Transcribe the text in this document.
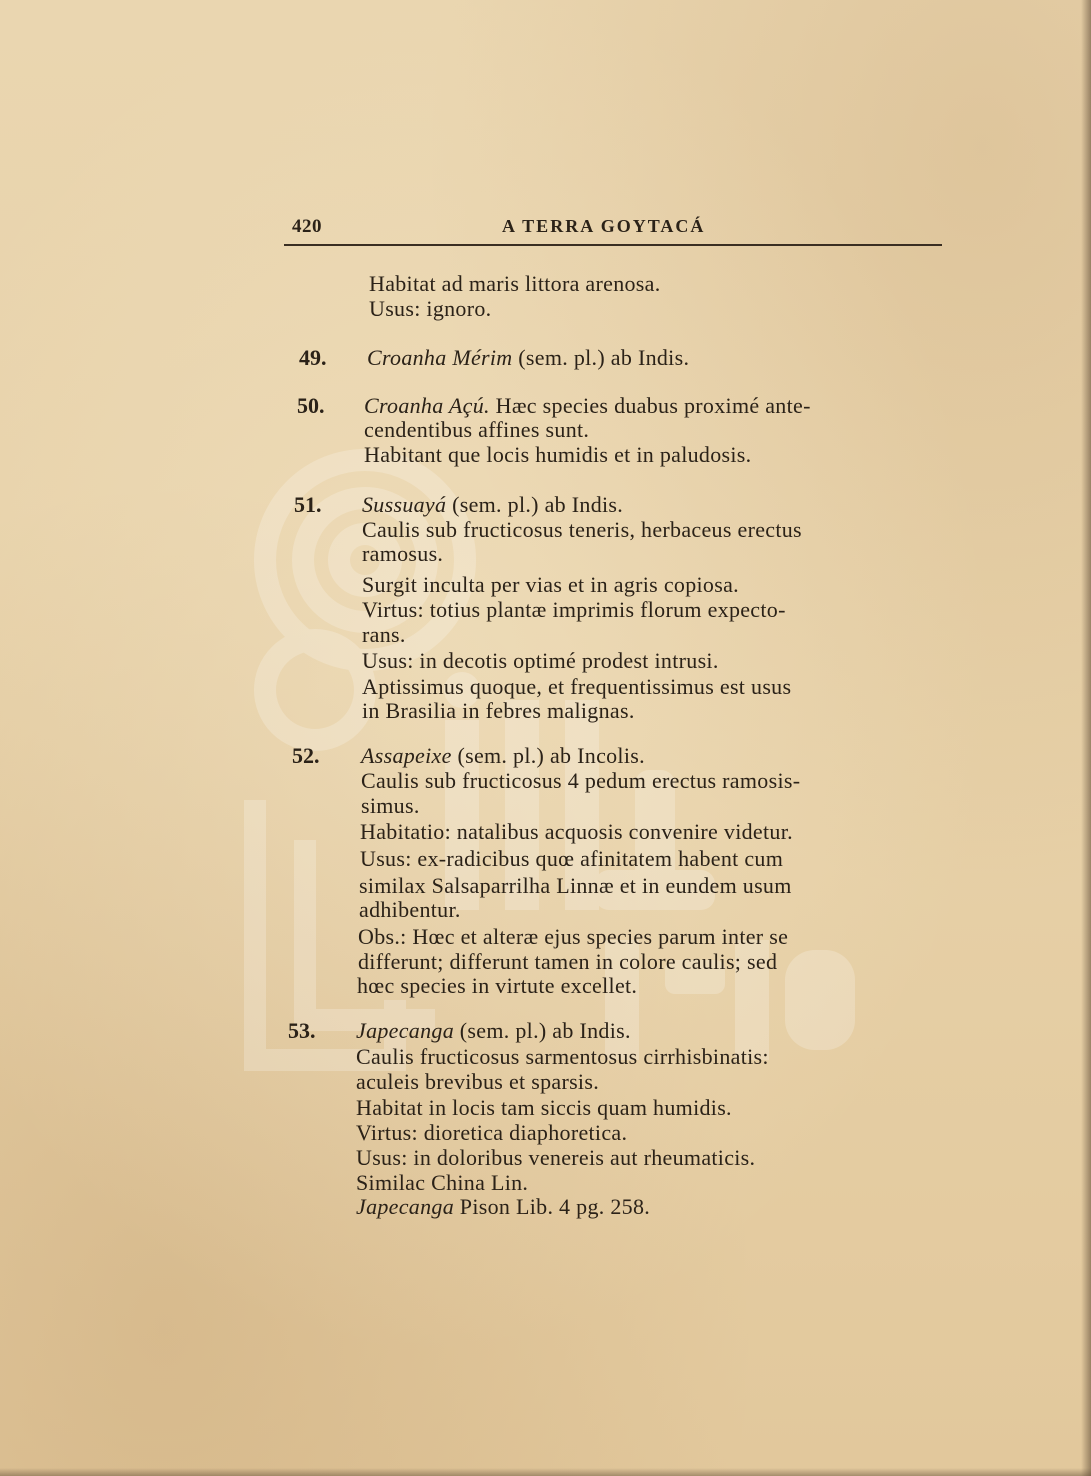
420	A TERRA GOYTACÁ
Habitat ad maris littora arenosa.
Usus: ignoro.
49. Croanha Mérim (sem. pl.) ab Indis.
50. Croanha Açú. Hæc species duabus proximé ante-
cendentibus affines sunt.
Habitant que locis humidis et in paludosis.
51. Sussuayá (sem. pl.) ab Indis.
Caulis sub fructicosus teneris, herbaceus erectus
ramosus.
Surgit inculta per vias et in agris copiosa.
Virtus: totius plantæ imprimis florum expecto-
rans.
Usus: in decotis optimé prodest intrusi.
Aptissimus quoque, et frequentissimus est usus
in Brasilia in febres malignas.
52. Assapeixe (sem. pl.) ab Incolis.
Caulis sub fructicosus 4 pedum erectus ramosis-
simus.
Habitatio: natalibus acquosis convenire videtur.
Usus: ex-radicibus quœ afinitatem habent cum
similax Salsaparrilha Linnæ et in eundem usum
adhibentur.
Obs.: Hœc et alteræ ejus species parum inter se
differunt; differunt tamen in colore caulis; sed
hœc species in virtute excellet.
53. Japecanga (sem. pl.) ab Indis.
Caulis fructicosus sarmentosus cirrhisbinatis:
aculeis brevibus et sparsis.
Habitat in locis tam siccis quam humidis.
Virtus: dioretica diaphoretica.
Usus: in doloribus venereis aut rheumaticis.
Similac China Lin.
Japecanga Pison Lib. 4 pg. 258.
